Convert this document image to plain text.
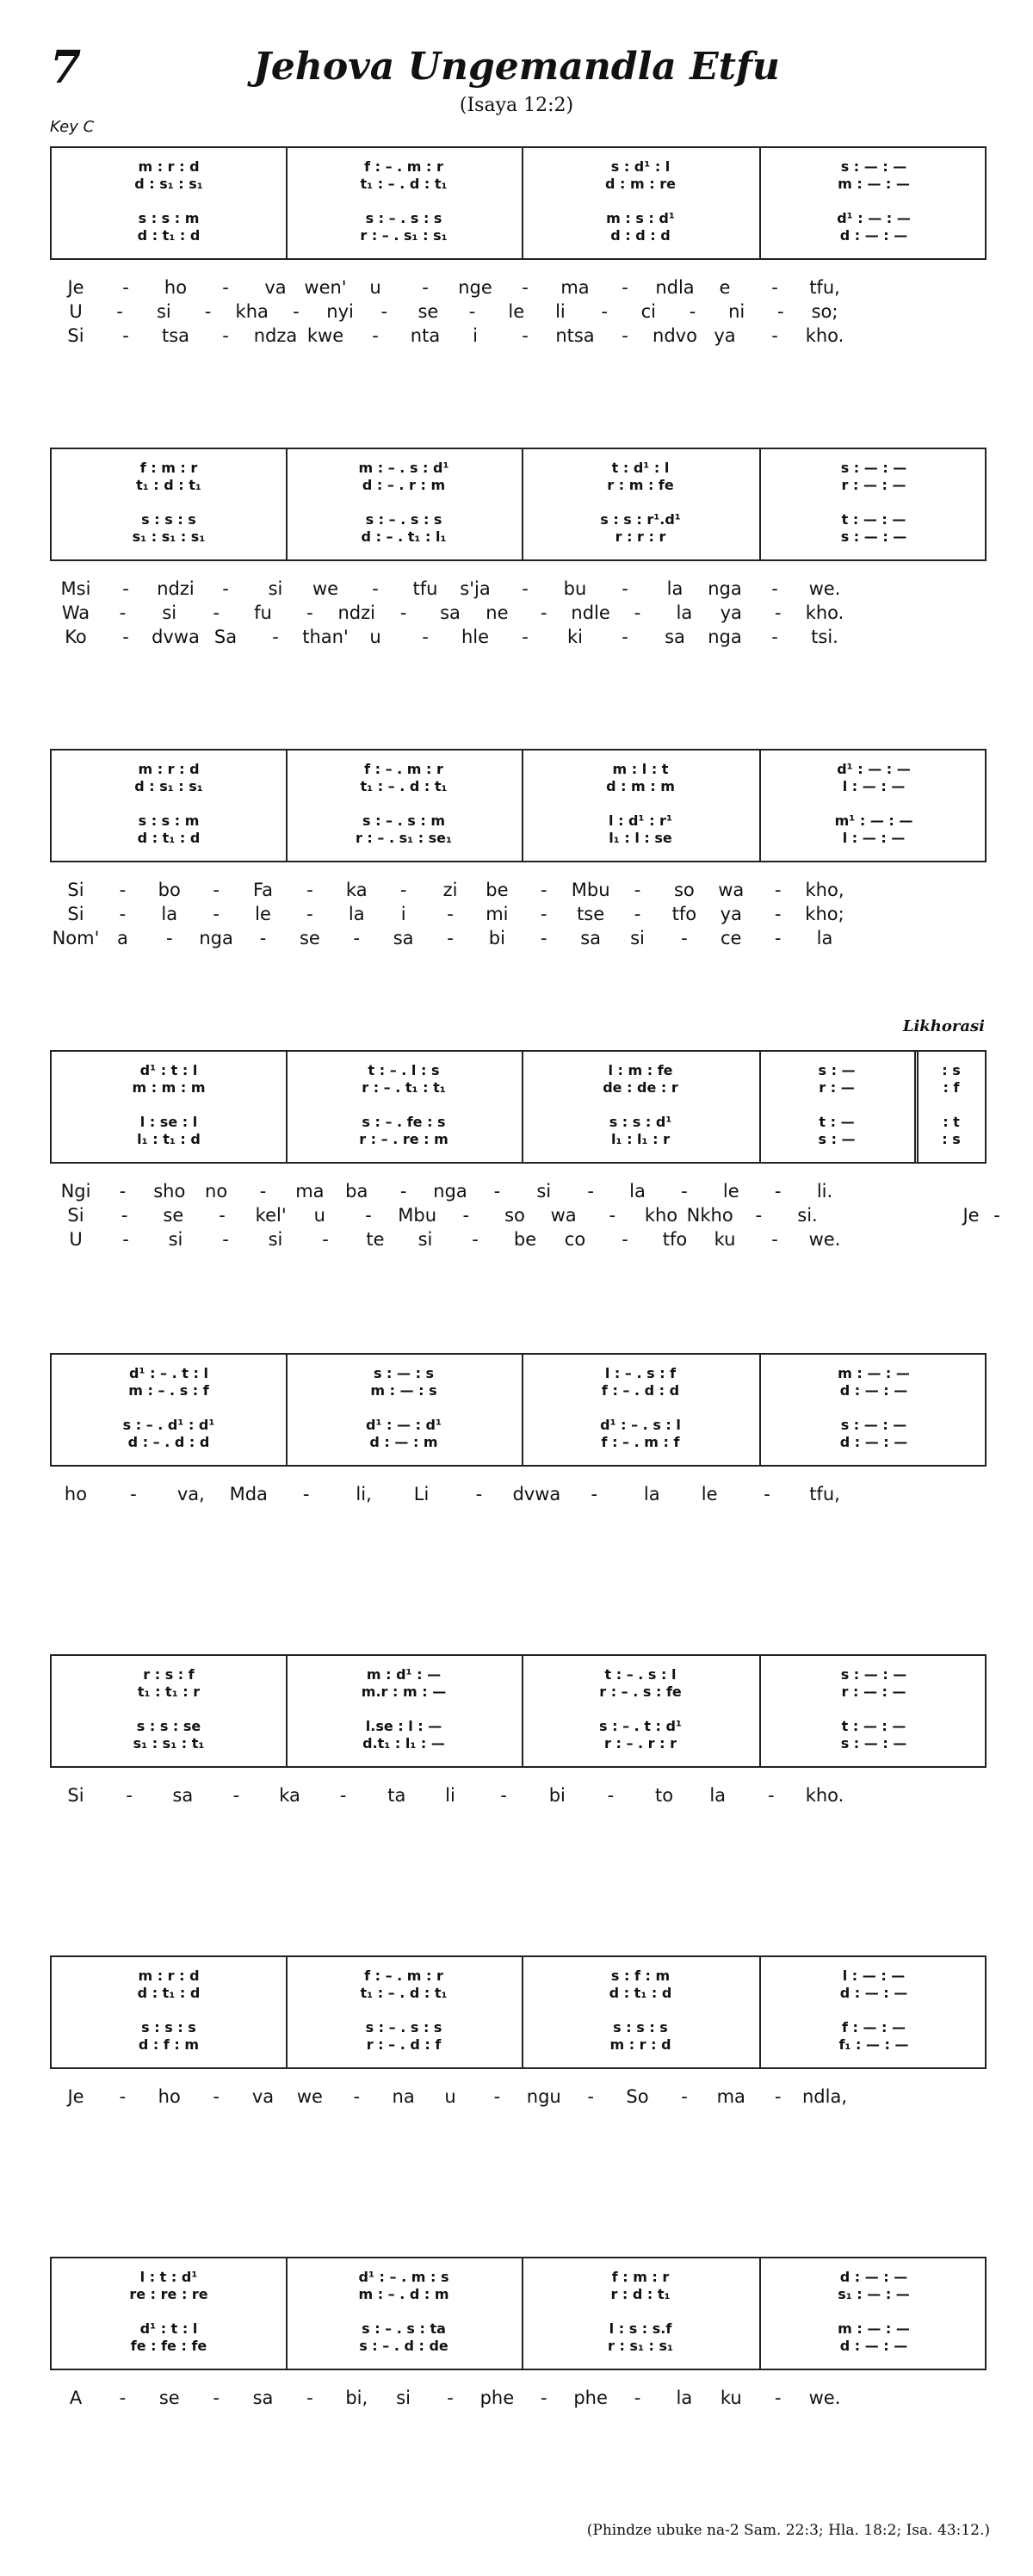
7	Jehova Ungemandla Etfu
(Isaya 12:2)
Key C
Likhorasi
m : r : d	f : – . m : r	s : d¹ : l	s : — : —
d : s₁ : s₁	t₁ : – . d : t₁	d : m : re	m : — : —
s : s : m	s : – . s : s	m : s : d¹	d¹ : — : —
d : t₁ : d	r : – . s₁ : s₁	d : d : d	d : — : —
Je - ho - va wen' u - nge - ma - ndla e - tfu,
U - si - kha - nyi - se - le li - ci - ni - so;
Si - tsa - ndza kwe - nta i - ntsa - ndvo ya - kho.
f : m : r	m : – . s : d¹	t : d¹ : l	s : — : —
t₁ : d : t₁	d : – . r : m	r : m : fe	r : — : —
s : s : s	s : – . s : s	s : s : r¹.d¹	t : — : —
s₁ : s₁ : s₁	d : – . t₁ : l₁	r : r : r	s : — : —
Msi - ndzi - si we - tfu s'ja - bu - la nga - we.
Wa - si - fu - ndzi - sa ne - ndle - la ya - kho.
Ko - dvwa Sa - than' u - hle - ki - sa nga - tsi.
m : r : d	f : – . m : r	m : l : t	d¹ : — : —
d : s₁ : s₁	t₁ : – . d : t₁	d : m : m	l : — : —
s : s : m	s : – . s : m	l : d¹ : r¹	m¹ : — : —
d : t₁ : d	r : – . s₁ : se₁	l₁ : l : se	l : — : —
Si - bo - Fa - ka - zi be - Mbu - so wa - kho,
Si - la - le - la i - mi - tse - tfo ya - kho;
Nom' a - nga - se - sa - bi - sa si - ce - la
d¹ : t : l	t : – . l : s	l : m : fe	s : —	: s
m : m : m	r : – . t₁ : t₁	de : de : r	r : —	: f
l : se : l	s : – . fe : s	s : s : d¹	t : —	: t
l₁ : t₁ : d	r : – . re : m	l₁ : l₁ : r	s : —	: s
Ngi - sho no - ma ba - nga - si - la - le - li.
Si - se - kel' u - Mbu - so wa - kho Nkho - si.	Je -
U - si - si - te si - be co - tfo ku - we.
d¹ : – . t : l	s : — : s	l : – . s : f	m : — : —
m : – . s : f	m : — : s	f : – . d : d	d : — : —
s : – . d¹ : d¹	d¹ : — : d¹	d¹ : – . s : l	s : — : —
d : – . d : d	d : — : m	f : – . m : f	d : — : —
ho - va, Mda -	li, Li	- dvwa -	la le	- tfu,
r : s : f	m : d¹ : —	t : – . s : l	s : — : —
t₁ : t₁ : r	m.r : m : —	r : – . s : fe	r : — : —
s : s : se	l.se : l : —	s : – . t : d¹	t : — : —
s₁ : s₁ : t₁	d.t₁ : l₁ : —	r : – . r : r	s : — : —
Si - sa - ka - ta li	- bi - to la - kho.
m : r : d	f : – . m : r	s : f : m	l : — : —
d : t₁ : d	t₁ : – . d : t₁	d : t₁ : d	d : — : —
s : s : s	s : – . s : s	s : s : s	f : — : —
d : f : m	r : – . d : f	m : r : d	f₁ : — : —
Je - ho - va we - na u - ngu - So - ma - ndla,
l : t : d¹	d¹ : – . m : s	f : m : r	d : — : —
re : re : re	m : – . d : m	r : d : t₁	s₁ : — : —
d¹ : t : l	s : – . s : ta	l : s : s.f	m : — : —
fe : fe : fe	s : – . d : de	r : s₁ : s₁	d : — : —
A - se - sa - bi, si - phe - phe - la ku - we.
(Phindze ubuke na-2 Sam. 22:3; Hla. 18:2; Isa. 43:12.)
